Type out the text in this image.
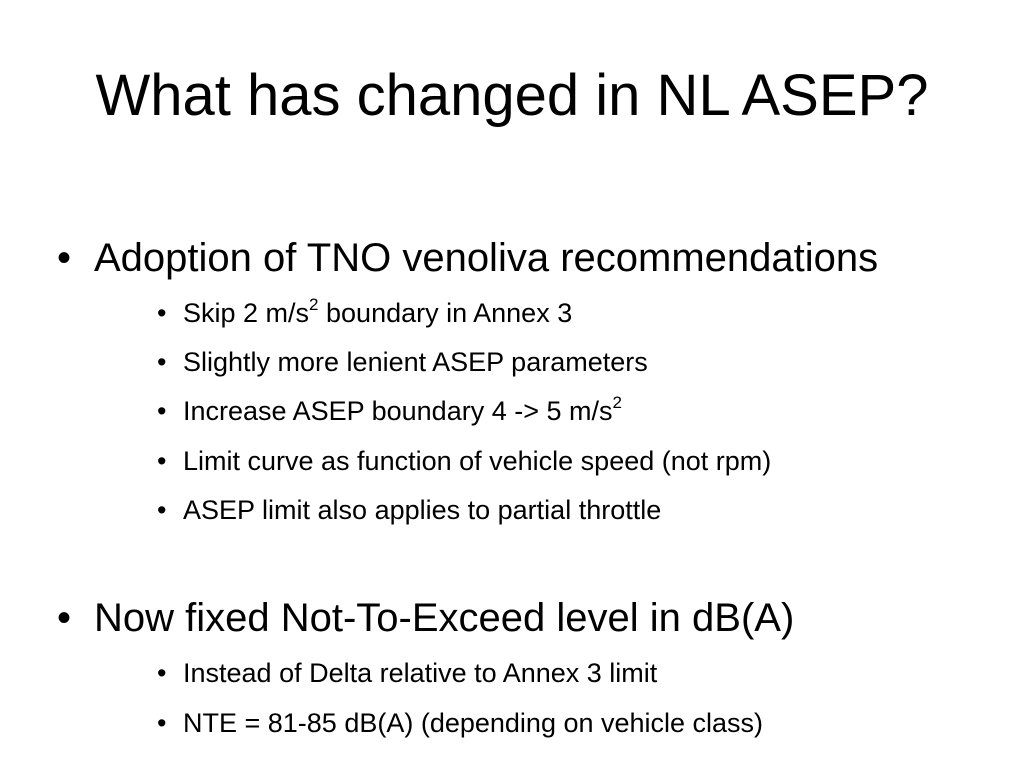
What has changed in NL ASEP?
• Adoption of TNO venoliva recommendations
• Skip 2 $m/s^2$ boundary in Annex 3
• Slightly more lenient ASEP parameters
• Increase ASEP boundary 4 -> 5 $m/s^2$
• Limit curve as function of vehicle speed (not rpm)
• ASEP limit also applies to partial throttle
• Now fixed Not-To-Exceed level in dB(A)
• Instead of Delta relative to Annex 3 limit
• NTE = 81-85 dB(A) (depending on vehicle class)
